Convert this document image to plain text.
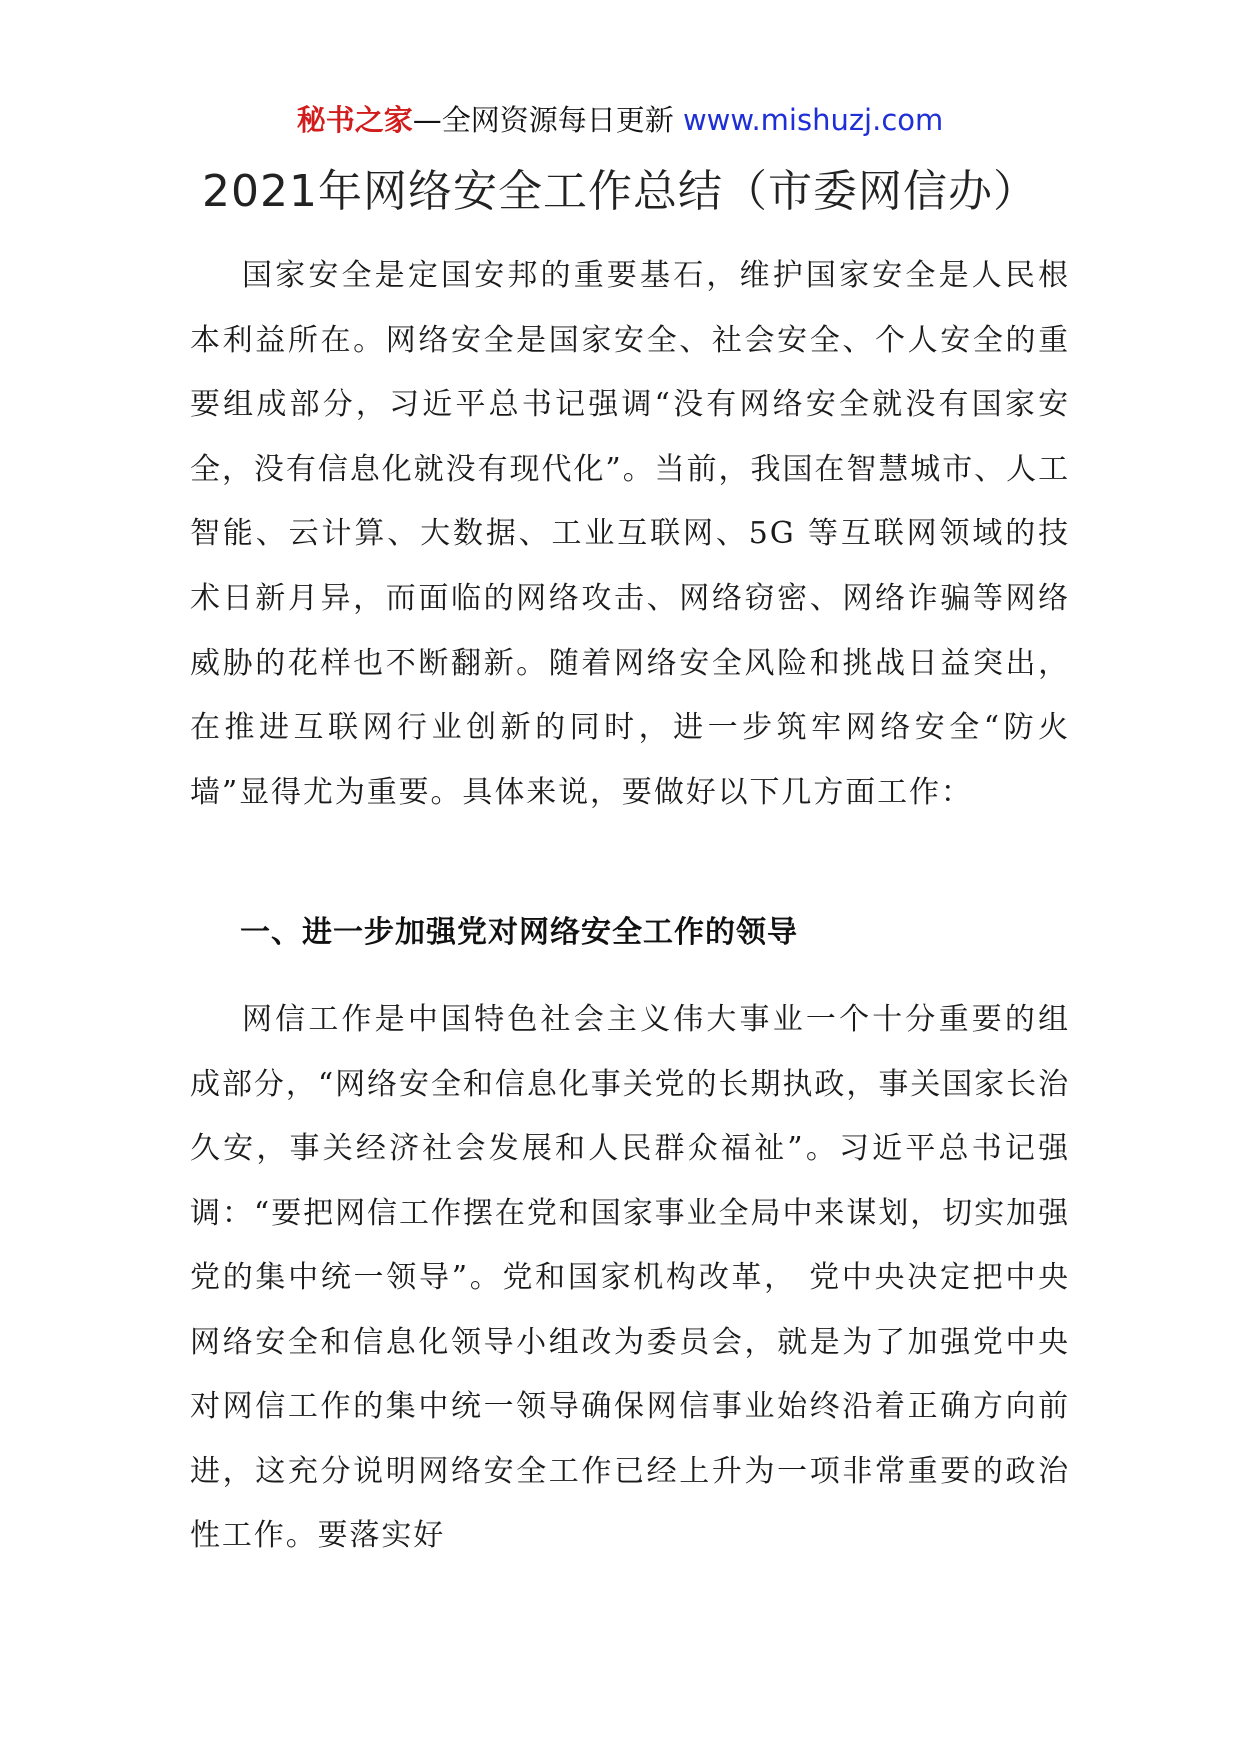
秘书之家—全网资源每日更新 www.mishuzj.com
2021年网络安全工作总结（市委网信办）

国家安全是定国安邦的重要基石，维护国家安全是人民根本利益所在。网络安全是国家安全、社会安全、个人安全的重要组成部分，习近平总书记强调“没有网络安全就没有国家安全，没有信息化就没有现代化”。当前，我国在智慧城市、人工智能、云计算、大数据、工业互联网、5G 等互联网领域的技术日新月异，而面临的网络攻击、网络窃密、网络诈骗等网络威胁的花样也不断翻新。随着网络安全风险和挑战日益突出，在推进互联网行业创新的同时，进一步筑牢网络安全“防火墙”显得尤为重要。具体来说，要做好以下几方面工作：

一、进一步加强党对网络安全工作的领导

网信工作是中国特色社会主义伟大事业一个十分重要的组成部分，“网络安全和信息化事关党的长期执政，事关国家长治久安，事关经济社会发展和人民群众福祉”。习近平总书记强调：“要把网信工作摆在党和国家事业全局中来谋划，切实加强党的集中统一领导”。党和国家机构改革， 党中央决定把中央网络安全和信息化领导小组改为委员会，就是为了加强党中央对网信工作的集中统一领导确保网信事业始终沿着正确方向前进，这充分说明网络安全工作已经上升为一项非常重要的政治性工作。要落实好
